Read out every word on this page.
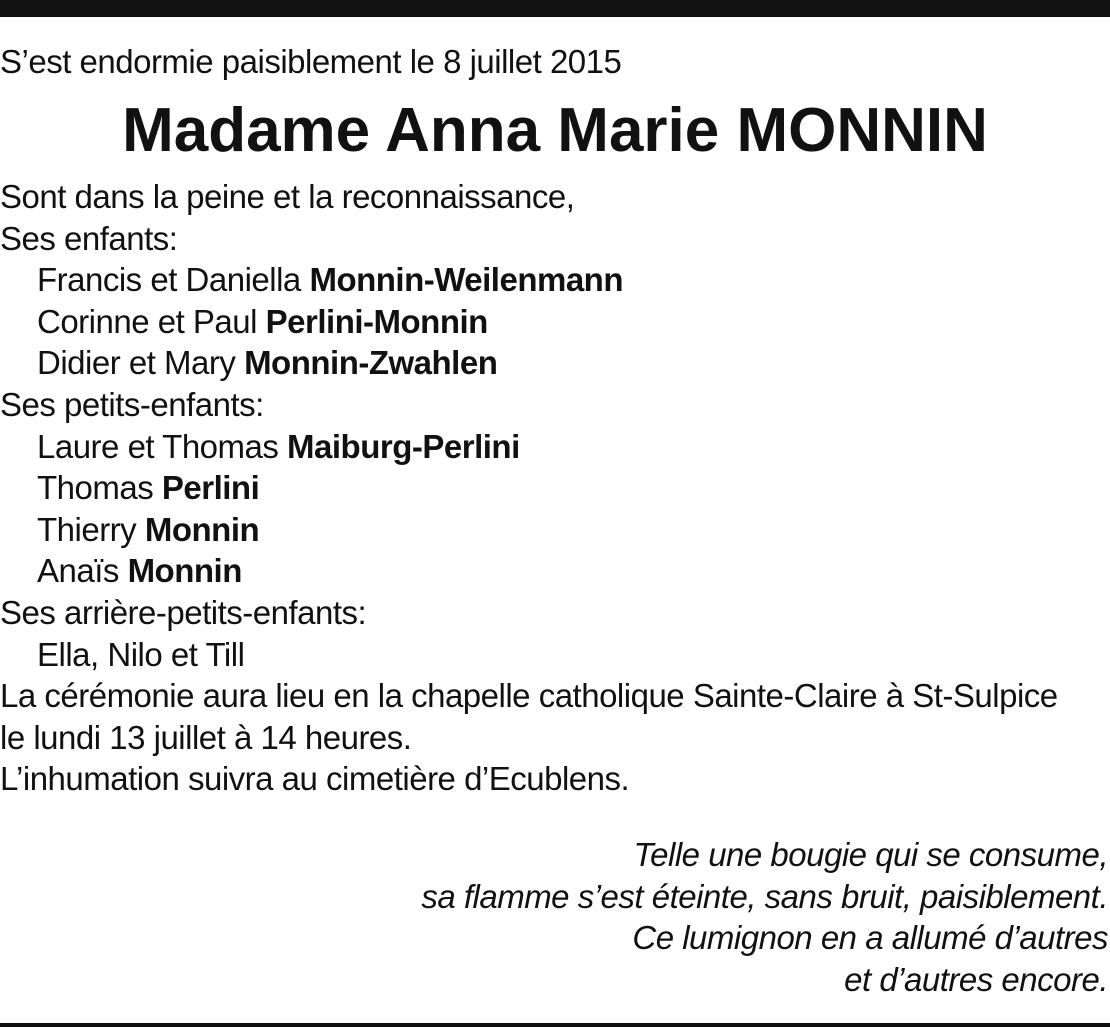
S’est endormie paisiblement le 8 juillet 2015
Madame Anna Marie MONNIN
Sont dans la peine et la reconnaissance,
Ses enfants:
Francis et Daniella Monnin-Weilenmann
Corinne et Paul Perlini-Monnin
Didier et Mary Monnin-Zwahlen
Ses petits-enfants:
Laure et Thomas Maiburg-Perlini
Thomas Perlini
Thierry Monnin
Anaïs Monnin
Ses arrière-petits-enfants:
Ella, Nilo et Till
La cérémonie aura lieu en la chapelle catholique Sainte-Claire à St-Sulpice
le lundi 13 juillet à 14 heures.
L’inhumation suivra au cimetière d’Ecublens.
Telle une bougie qui se consume,
sa flamme s’est éteinte, sans bruit, paisiblement.
Ce lumignon en a allumé d’autres
et d’autres encore.
